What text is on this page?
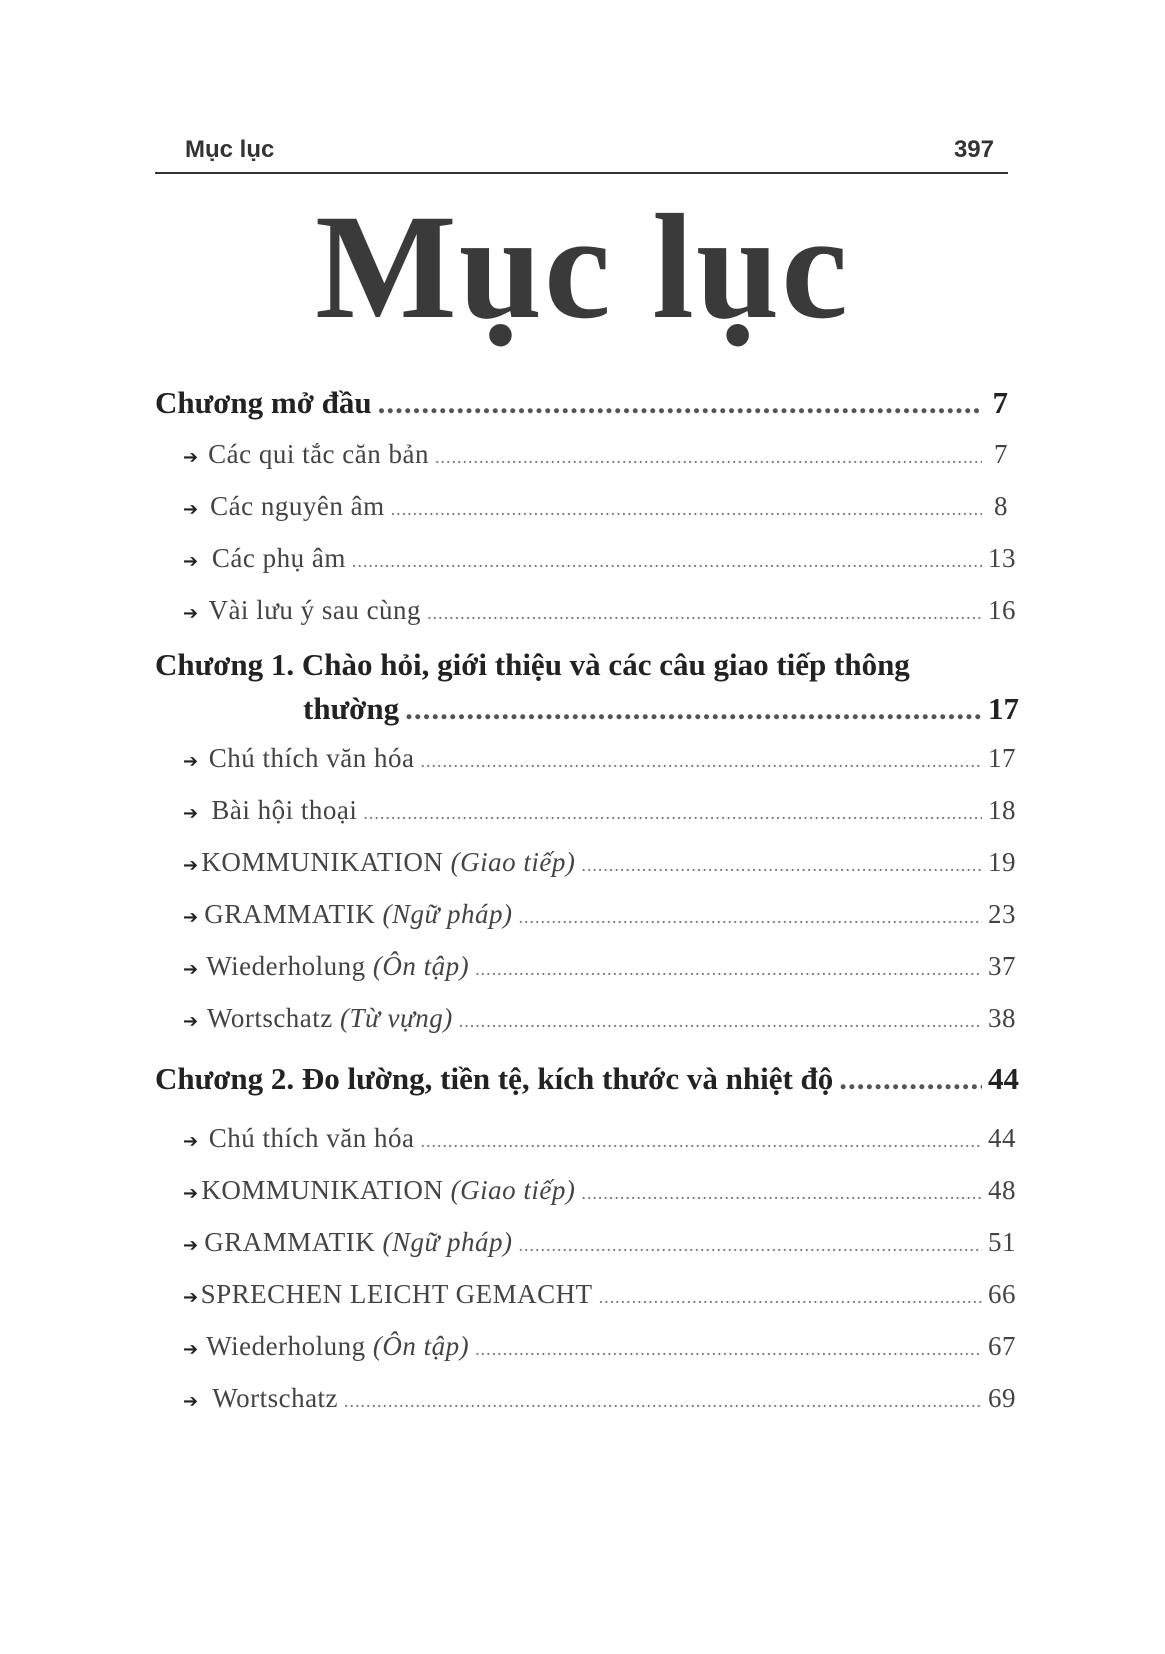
Mục lục	397
Mục lục
Chương mở đầu .....	7
➔ Các qui tắc căn bản .....	7
➔ Các nguyên âm .....	8
➔ Các phụ âm .....	13
➔ Vài lưu ý sau cùng .....	16
Chương 1. Chào hỏi, giới thiệu và các câu giao tiếp thông
thường .....	17
➔ Chú thích văn hóa .....	17
➔ Bài hội thoại .....	18
➔ KOMMUNIKATION (Giao tiếp) .....	19
➔ GRAMMATIK (Ngữ pháp) .....	23
➔ Wiederholung (Ôn tập) .....	37
➔ Wortschatz (Từ vựng) .....	38
Chương 2. Đo lường, tiền tệ, kích thước và nhiệt độ .....	44
➔ Chú thích văn hóa .....	44
➔ KOMMUNIKATION (Giao tiếp) .....	48
➔ GRAMMATIK (Ngữ pháp) .....	51
➔ SPRECHEN LEICHT GEMACHT .....	66
➔ Wiederholung (Ôn tập) .....	67
➔ Wortschatz .....	69
